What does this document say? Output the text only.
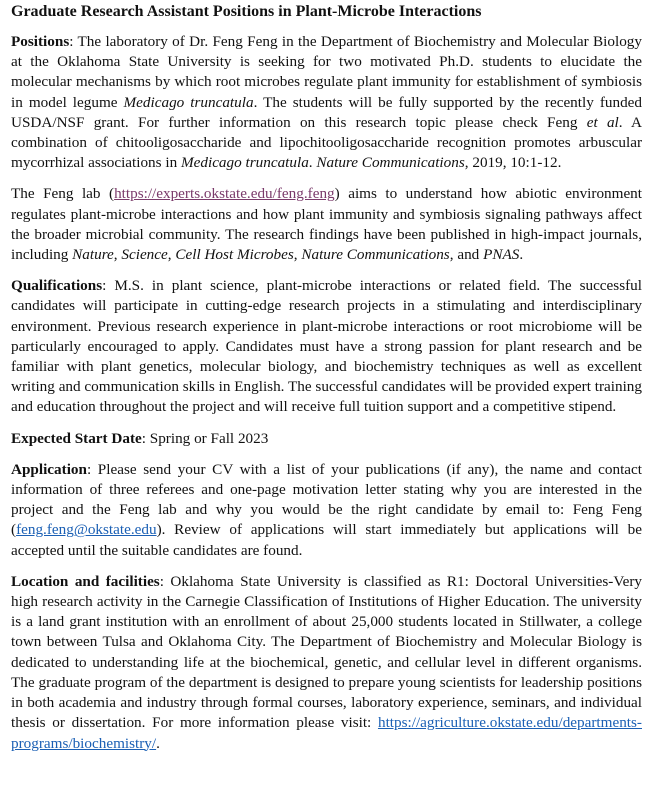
Graduate Research Assistant Positions in Plant-Microbe Interactions

Positions: The laboratory of Dr. Feng Feng in the Department of Biochemistry and Molecular Biology at the Oklahoma State University is seeking for two motivated Ph.D. students to elucidate the molecular mechanisms by which root microbes regulate plant immunity for establishment of symbiosis in model legume Medicago truncatula. The students will be fully supported by the recently funded USDA/NSF grant. For further information on this research topic please check Feng et al. A combination of chitooligosaccharide and lipochitooligosaccharide recognition promotes arbuscular mycorrhizal associations in Medicago truncatula. Nature Communications, 2019, 10:1-12.

The Feng lab (https://experts.okstate.edu/feng.feng) aims to understand how abiotic environment regulates plant-microbe interactions and how plant immunity and symbiosis signaling pathways affect the broader microbial community. The research findings have been published in high-impact journals, including Nature, Science, Cell Host Microbes, Nature Communications, and PNAS.

Qualifications: M.S. in plant science, plant-microbe interactions or related field. The successful candidates will participate in cutting-edge research projects in a stimulating and interdisciplinary environment. Previous research experience in plant-microbe interactions or root microbiome will be particularly encouraged to apply. Candidates must have a strong passion for plant research and be familiar with plant genetics, molecular biology, and biochemistry techniques as well as excellent writing and communication skills in English. The successful candidates will be provided expert training and education throughout the project and will receive full tuition support and a competitive stipend.

Expected Start Date: Spring or Fall 2023

Application: Please send your CV with a list of your publications (if any), the name and contact information of three referees and one-page motivation letter stating why you are interested in the project and the Feng lab and why you would be the right candidate by email to: Feng Feng (feng.feng@okstate.edu). Review of applications will start immediately but applications will be accepted until the suitable candidates are found.

Location and facilities: Oklahoma State University is classified as R1: Doctoral Universities-Very high research activity in the Carnegie Classification of Institutions of Higher Education. The university is a land grant institution with an enrollment of about 25,000 students located in Stillwater, a college town between Tulsa and Oklahoma City. The Department of Biochemistry and Molecular Biology is dedicated to understanding life at the biochemical, genetic, and cellular level in different organisms. The graduate program of the department is designed to prepare young scientists for leadership positions in both academia and industry through formal courses, laboratory experience, seminars, and individual thesis or dissertation. For more information please visit: https://agriculture.okstate.edu/departments-programs/biochemistry/.
